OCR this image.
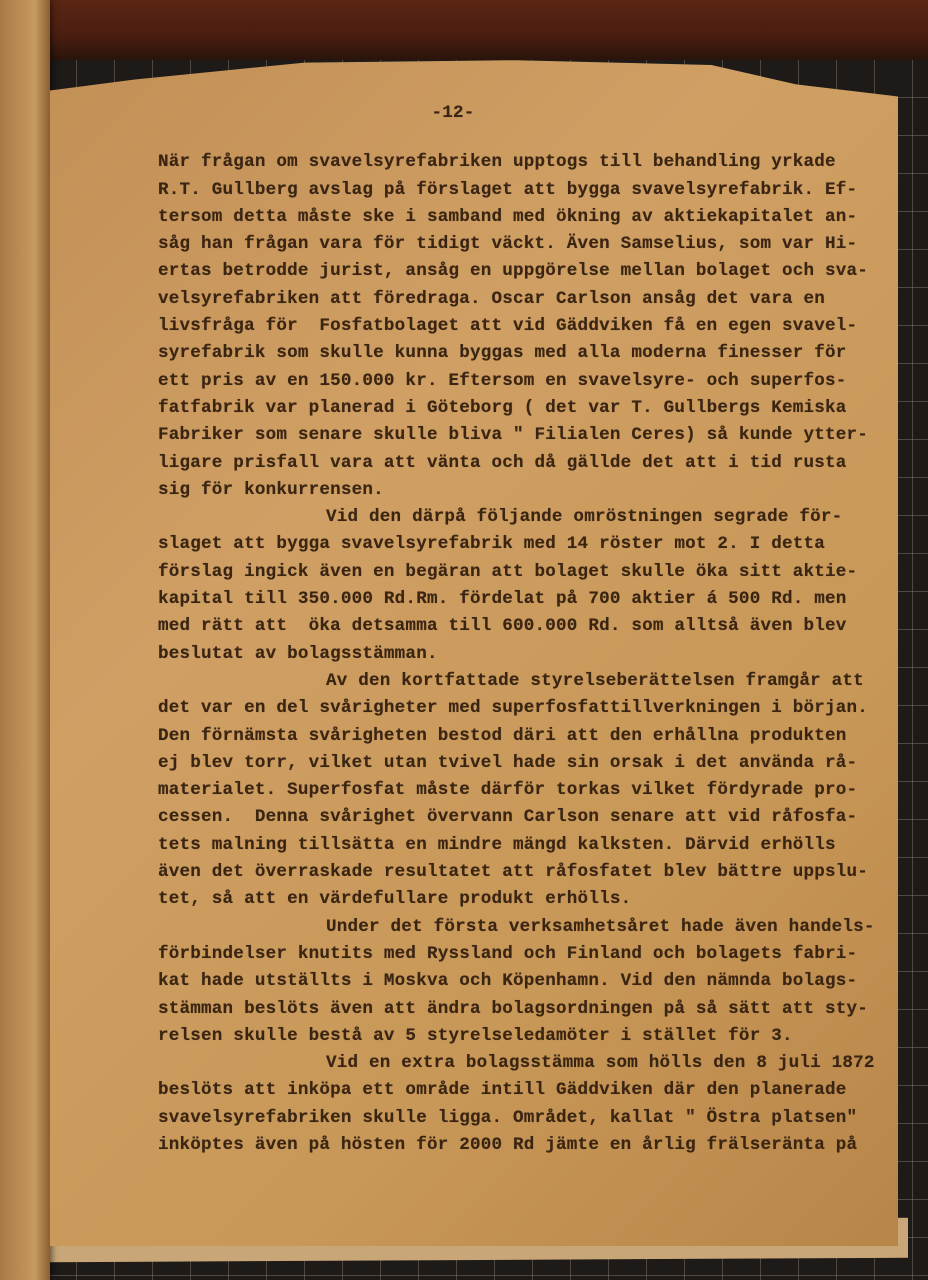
-12-
När frågan om svavelsyrefabriken upptogs till behandling yrkade
R.T. Gullberg avslag på förslaget att bygga svavelsyrefabrik. Ef-
tersom detta måste ske i samband med ökning av aktiekapitalet an-
såg han frågan vara för tidigt väckt. Även Samselius, som var Hi-
ertas betrodde jurist, ansåg en uppgörelse mellan bolaget och sva-
velsyrefabriken att föredraga. Oscar Carlson ansåg det vara en
livsfråga för  Fosfatbolaget att vid Gäddviken få en egen svavel-
syrefabrik som skulle kunna byggas med alla moderna finesser för
ett pris av en 150.000 kr. Eftersom en svavelsyre- och superfos-
fatfabrik var planerad i Göteborg ( det var T. Gullbergs Kemiska
Fabriker som senare skulle bliva " Filialen Ceres) så kunde ytter-
ligare prisfall vara att vänta och då gällde det att i tid rusta
sig för konkurrensen.
Vid den därpå följande omröstningen segrade för-
slaget att bygga svavelsyrefabrik med 14 röster mot 2. I detta
förslag ingick även en begäran att bolaget skulle öka sitt aktie-
kapital till 350.000 Rd.Rm. fördelat på 700 aktier á 500 Rd. men
med rätt att  öka detsamma till 600.000 Rd. som alltså även blev
beslutat av bolagsstämman.
Av den kortfattade styrelseberättelsen framgår att
det var en del svårigheter med superfosfattillverkningen i början.
Den förnämsta svårigheten bestod däri att den erhållna produkten
ej blev torr, vilket utan tvivel hade sin orsak i det använda rå-
materialet. Superfosfat måste därför torkas vilket fördyrade pro-
cessen.  Denna svårighet övervann Carlson senare att vid råfosfa-
tets malning tillsätta en mindre mängd kalksten. Därvid erhölls
även det överraskade resultatet att råfosfatet blev bättre uppslu-
tet, så att en värdefullare produkt erhölls.
Under det första verksamhetsåret hade även handels-
förbindelser knutits med Ryssland och Finland och bolagets fabri-
kat hade utställts i Moskva och Köpenhamn. Vid den nämnda bolags-
stämman beslöts även att ändra bolagsordningen på så sätt att sty-
relsen skulle bestå av 5 styrelseledamöter i stället för 3.
Vid en extra bolagsstämma som hölls den 8 juli 1872
beslöts att inköpa ett område intill Gäddviken där den planerade
svavelsyrefabriken skulle ligga. Området, kallat " Östra platsen"
inköptes även på hösten för 2000 Rd jämte en årlig frälseränta på
